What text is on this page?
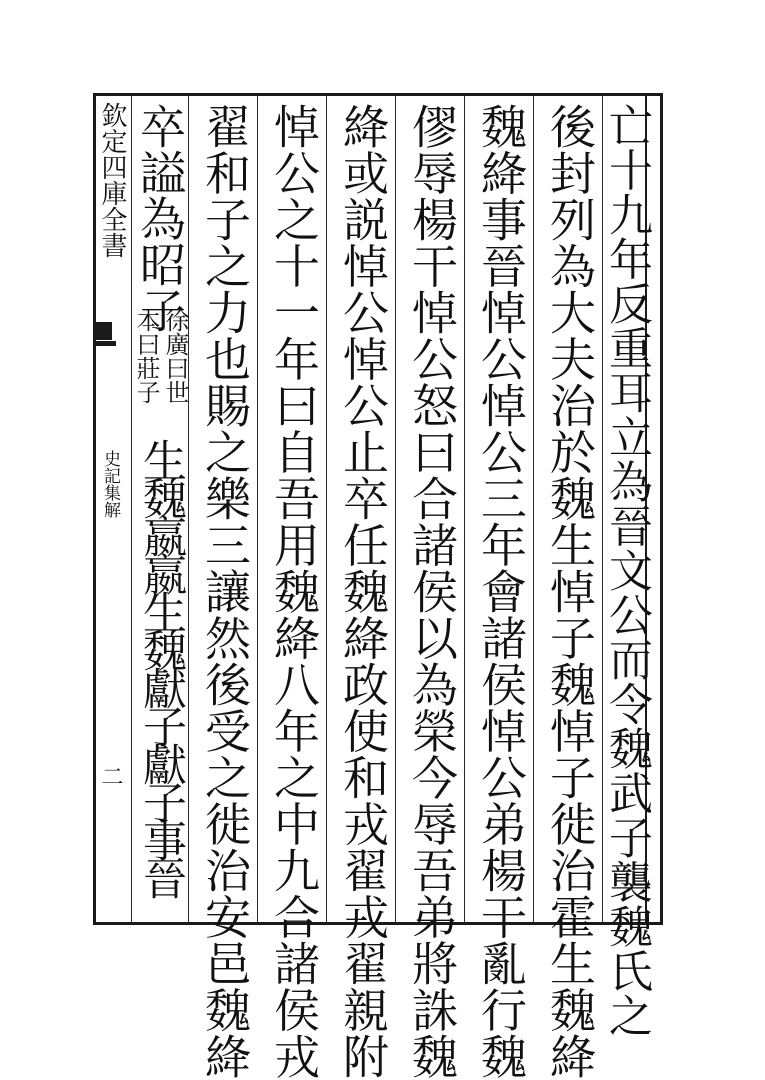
亡十九年反重耳立為晉文公而令魏武子襲魏氏之
後封列為大夫治於魏生悼子魏悼子徙治霍生魏絳
魏絳事晉悼公悼公三年會諸侯悼公弟楊干亂行魏
僇辱楊干悼公怒曰合諸侯以為榮今辱吾弟將誅魏
絳或説悼公悼公止卒任魏絳政使和戎翟戎翟親附
悼公之十一年曰自吾用魏絳八年之中九合諸侯戎
翟和子之力也賜之樂三讓然後受之徙治安邑魏絳
卒謚為昭子
徐廣曰世
本曰莊子
生魏嬴嬴生魏獻子獻子事晉
欽定四庫全書
史記集解
二
